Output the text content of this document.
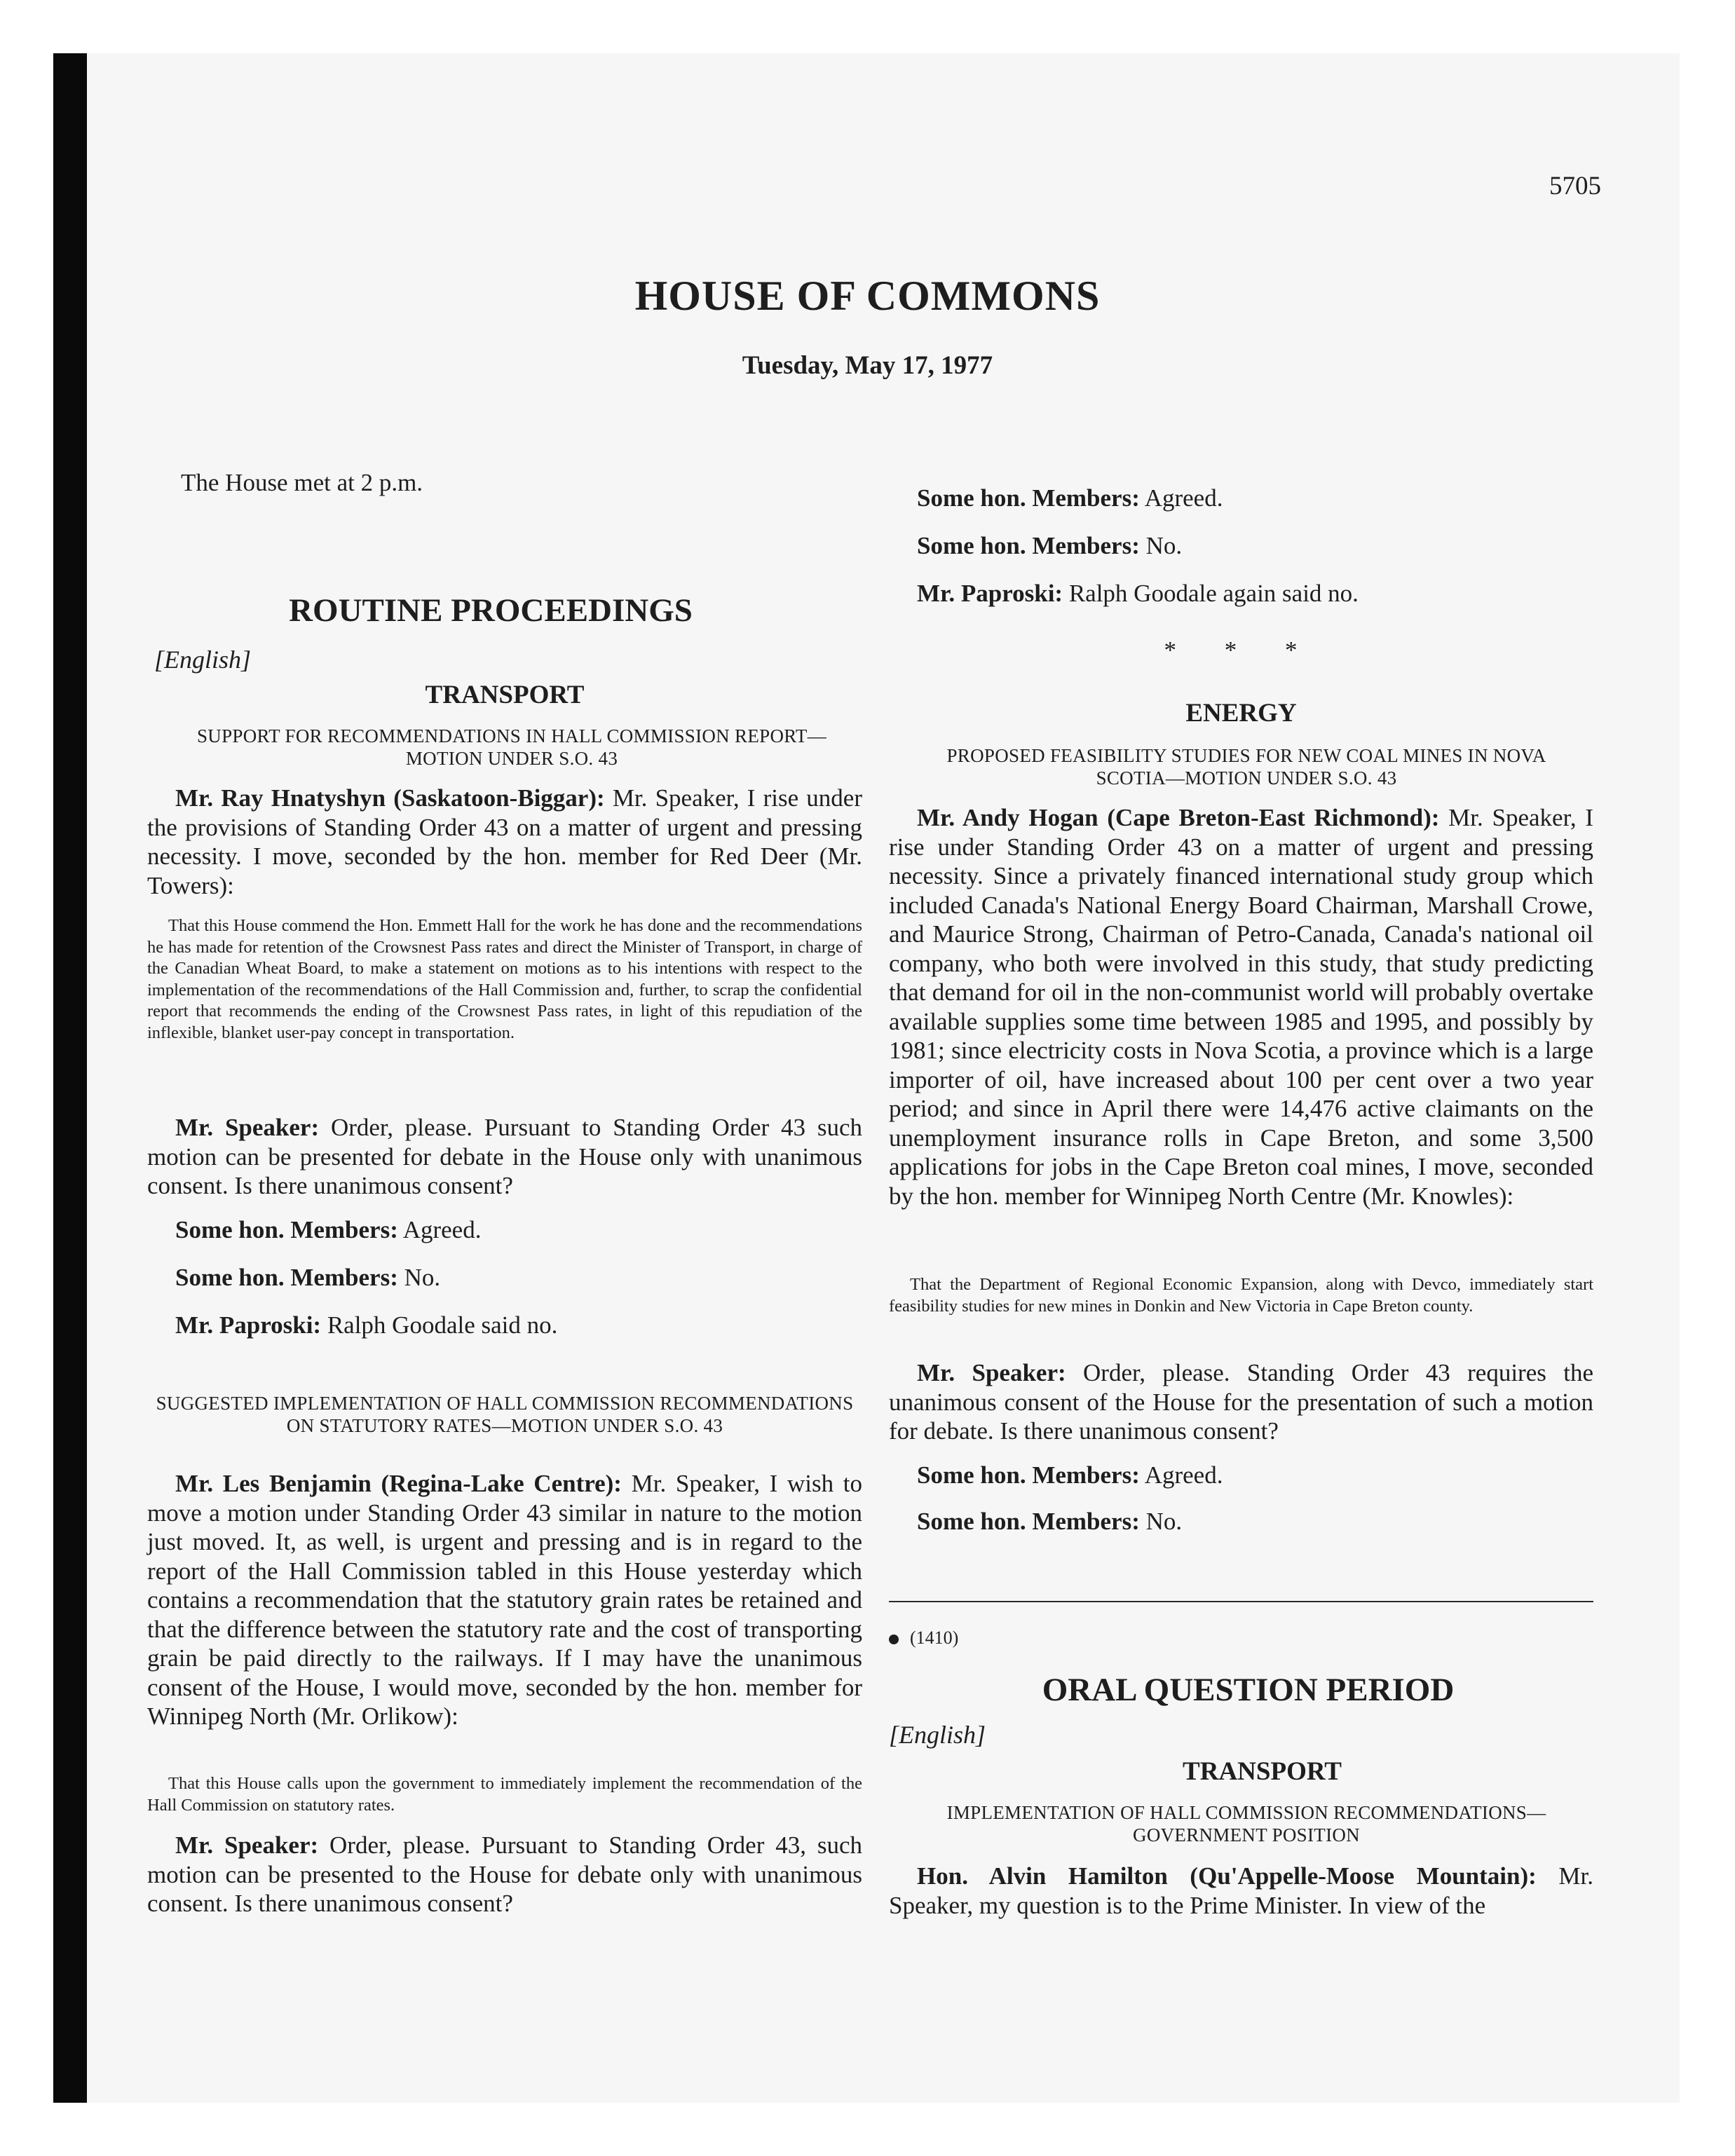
5705
HOUSE OF COMMONS
Tuesday, May 17, 1977
The House met at 2 p.m.
ROUTINE PROCEEDINGS
[English]
TRANSPORT
SUPPORT FOR RECOMMENDATIONS IN HALL COMMISSION REPORT—MOTION UNDER S.O. 43
Mr. Ray Hnatyshyn (Saskatoon-Biggar): Mr. Speaker, I rise under the provisions of Standing Order 43 on a matter of urgent and pressing necessity. I move, seconded by the hon. member for Red Deer (Mr. Towers):
That this House commend the Hon. Emmett Hall for the work he has done and the recommendations he has made for retention of the Crowsnest Pass rates and direct the Minister of Transport, in charge of the Canadian Wheat Board, to make a statement on motions as to his intentions with respect to the implementation of the recommendations of the Hall Commission and, further, to scrap the confidential report that recommends the ending of the Crowsnest Pass rates, in light of this repudiation of the inflexible, blanket user-pay concept in transportation.
Mr. Speaker: Order, please. Pursuant to Standing Order 43 such motion can be presented for debate in the House only with unanimous consent. Is there unanimous consent?
Some hon. Members: Agreed.
Some hon. Members: No.
Mr. Paproski: Ralph Goodale said no.
SUGGESTED IMPLEMENTATION OF HALL COMMISSION RECOMMENDATIONS ON STATUTORY RATES—MOTION UNDER S.O. 43
Mr. Les Benjamin (Regina-Lake Centre): Mr. Speaker, I wish to move a motion under Standing Order 43 similar in nature to the motion just moved. It, as well, is urgent and pressing and is in regard to the report of the Hall Commission tabled in this House yesterday which contains a recommendation that the statutory grain rates be retained and that the difference between the statutory rate and the cost of transporting grain be paid directly to the railways. If I may have the unanimous consent of the House, I would move, seconded by the hon. member for Winnipeg North (Mr. Orlikow):
That this House calls upon the government to immediately implement the recommendation of the Hall Commission on statutory rates.
Mr. Speaker: Order, please. Pursuant to Standing Order 43, such motion can be presented to the House for debate only with unanimous consent. Is there unanimous consent?
Some hon. Members: Agreed.
Some hon. Members: No.
Mr. Paproski: Ralph Goodale again said no.
* * *
ENERGY
PROPOSED FEASIBILITY STUDIES FOR NEW COAL MINES IN NOVA SCOTIA—MOTION UNDER S.O. 43
Mr. Andy Hogan (Cape Breton-East Richmond): Mr. Speaker, I rise under Standing Order 43 on a matter of urgent and pressing necessity. Since a privately financed international study group which included Canada's National Energy Board Chairman, Marshall Crowe, and Maurice Strong, Chairman of Petro-Canada, Canada's national oil company, who both were involved in this study, that study predicting that demand for oil in the non-communist world will probably overtake available supplies some time between 1985 and 1995, and possibly by 1981; since electricity costs in Nova Scotia, a province which is a large importer of oil, have increased about 100 per cent over a two year period; and since in April there were 14,476 active claimants on the unemployment insurance rolls in Cape Breton, and some 3,500 applications for jobs in the Cape Breton coal mines, I move, seconded by the hon. member for Winnipeg North Centre (Mr. Knowles):
That the Department of Regional Economic Expansion, along with Devco, immediately start feasibility studies for new mines in Donkin and New Victoria in Cape Breton county.
Mr. Speaker: Order, please. Standing Order 43 requires the unanimous consent of the House for the presentation of such a motion for debate. Is there unanimous consent?
Some hon. Members: Agreed.
Some hon. Members: No.
(1410)
ORAL QUESTION PERIOD
[English]
TRANSPORT
IMPLEMENTATION OF HALL COMMISSION RECOMMENDATIONS—GOVERNMENT POSITION
Hon. Alvin Hamilton (Qu'Appelle-Moose Mountain): Mr. Speaker, my question is to the Prime Minister. In view of the
